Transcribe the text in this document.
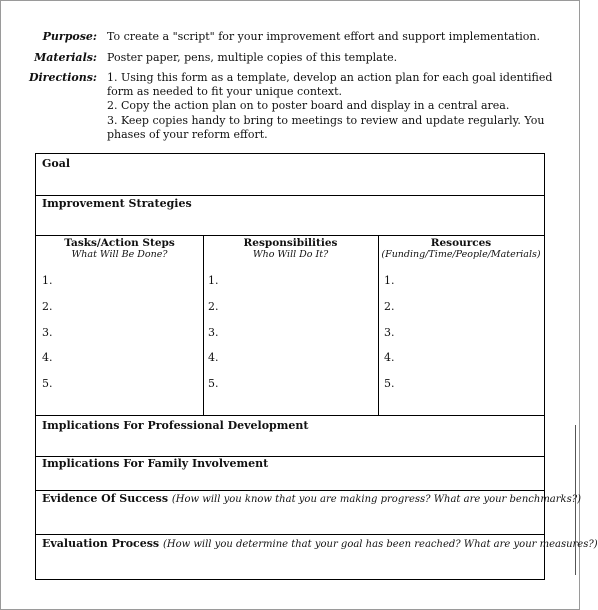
Purpose: To create a "script" for your improvement effort and support implementation.
Materials: Poster paper, pens, multiple copies of this template.
Directions: 1. Using this form as a template, develop an action plan for each goal identified
form as needed to fit your unique context.
2. Copy the action plan on to poster board and display in a central area.
3. Keep copies handy to bring to meetings to review and update regularly. You
phases of your reform effort.
Goal
Improvement Strategies
Tasks/Action Steps
What Will Be Done?
Responsibilities
Who Will Do It?
Resources
(Funding/Time/People/Materials)
1.
2.
3.
4.
5.
1.
2.
3.
4.
5.
1.
2.
3.
4.
5.
Implications For Professional Development
Implications For Family Involvement
Evidence Of Success (How will you know that you are making progress? What are your benchmarks?)
Evaluation Process (How will you determine that your goal has been reached? What are your measures?)
